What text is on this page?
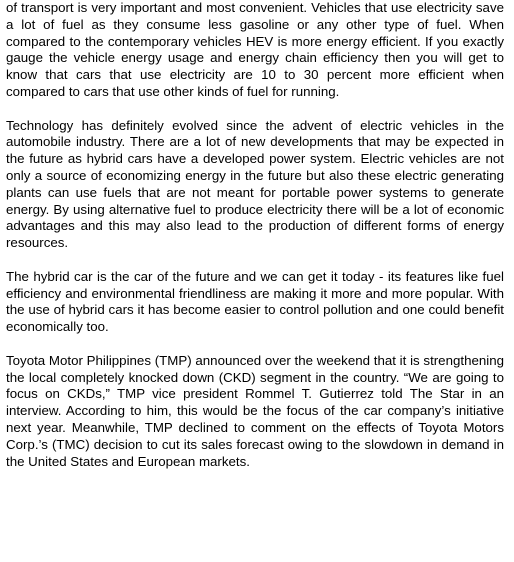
of transport is very important and most convenient. Vehicles that use electricity save a lot of fuel as they consume less gasoline or any other type of fuel. When compared to the contemporary vehicles HEV is more energy efficient. If you exactly gauge the vehicle energy usage and energy chain efficiency then you will get to know that cars that use electricity are 10 to 30 percent more efficient when compared to cars that use other kinds of fuel for running.

Technology has definitely evolved since the advent of electric vehicles in the automobile industry. There are a lot of new developments that may be expected in the future as hybrid cars have a developed power system. Electric vehicles are not only a source of economizing energy in the future but also these electric generating plants can use fuels that are not meant for portable power systems to generate energy. By using alternative fuel to produce electricity there will be a lot of economic advantages and this may also lead to the production of different forms of energy resources.

The hybrid car is the car of the future and we can get it today - its features like fuel efficiency and environmental friendliness are making it more and more popular. With the use of hybrid cars it has become easier to control pollution and one could benefit economically too.

Toyota Motor Philippines (TMP) announced over the weekend that it is strengthening the local completely knocked down (CKD) segment in the country. “We are going to focus on CKDs,” TMP vice president Rommel T. Gutierrez told The Star in an interview. According to him, this would be the focus of the car company’s initiative next year. Meanwhile, TMP declined to comment on the effects of Toyota Motors Corp.’s (TMC) decision to cut its sales forecast owing to the slowdown in demand in the United States and European markets.
